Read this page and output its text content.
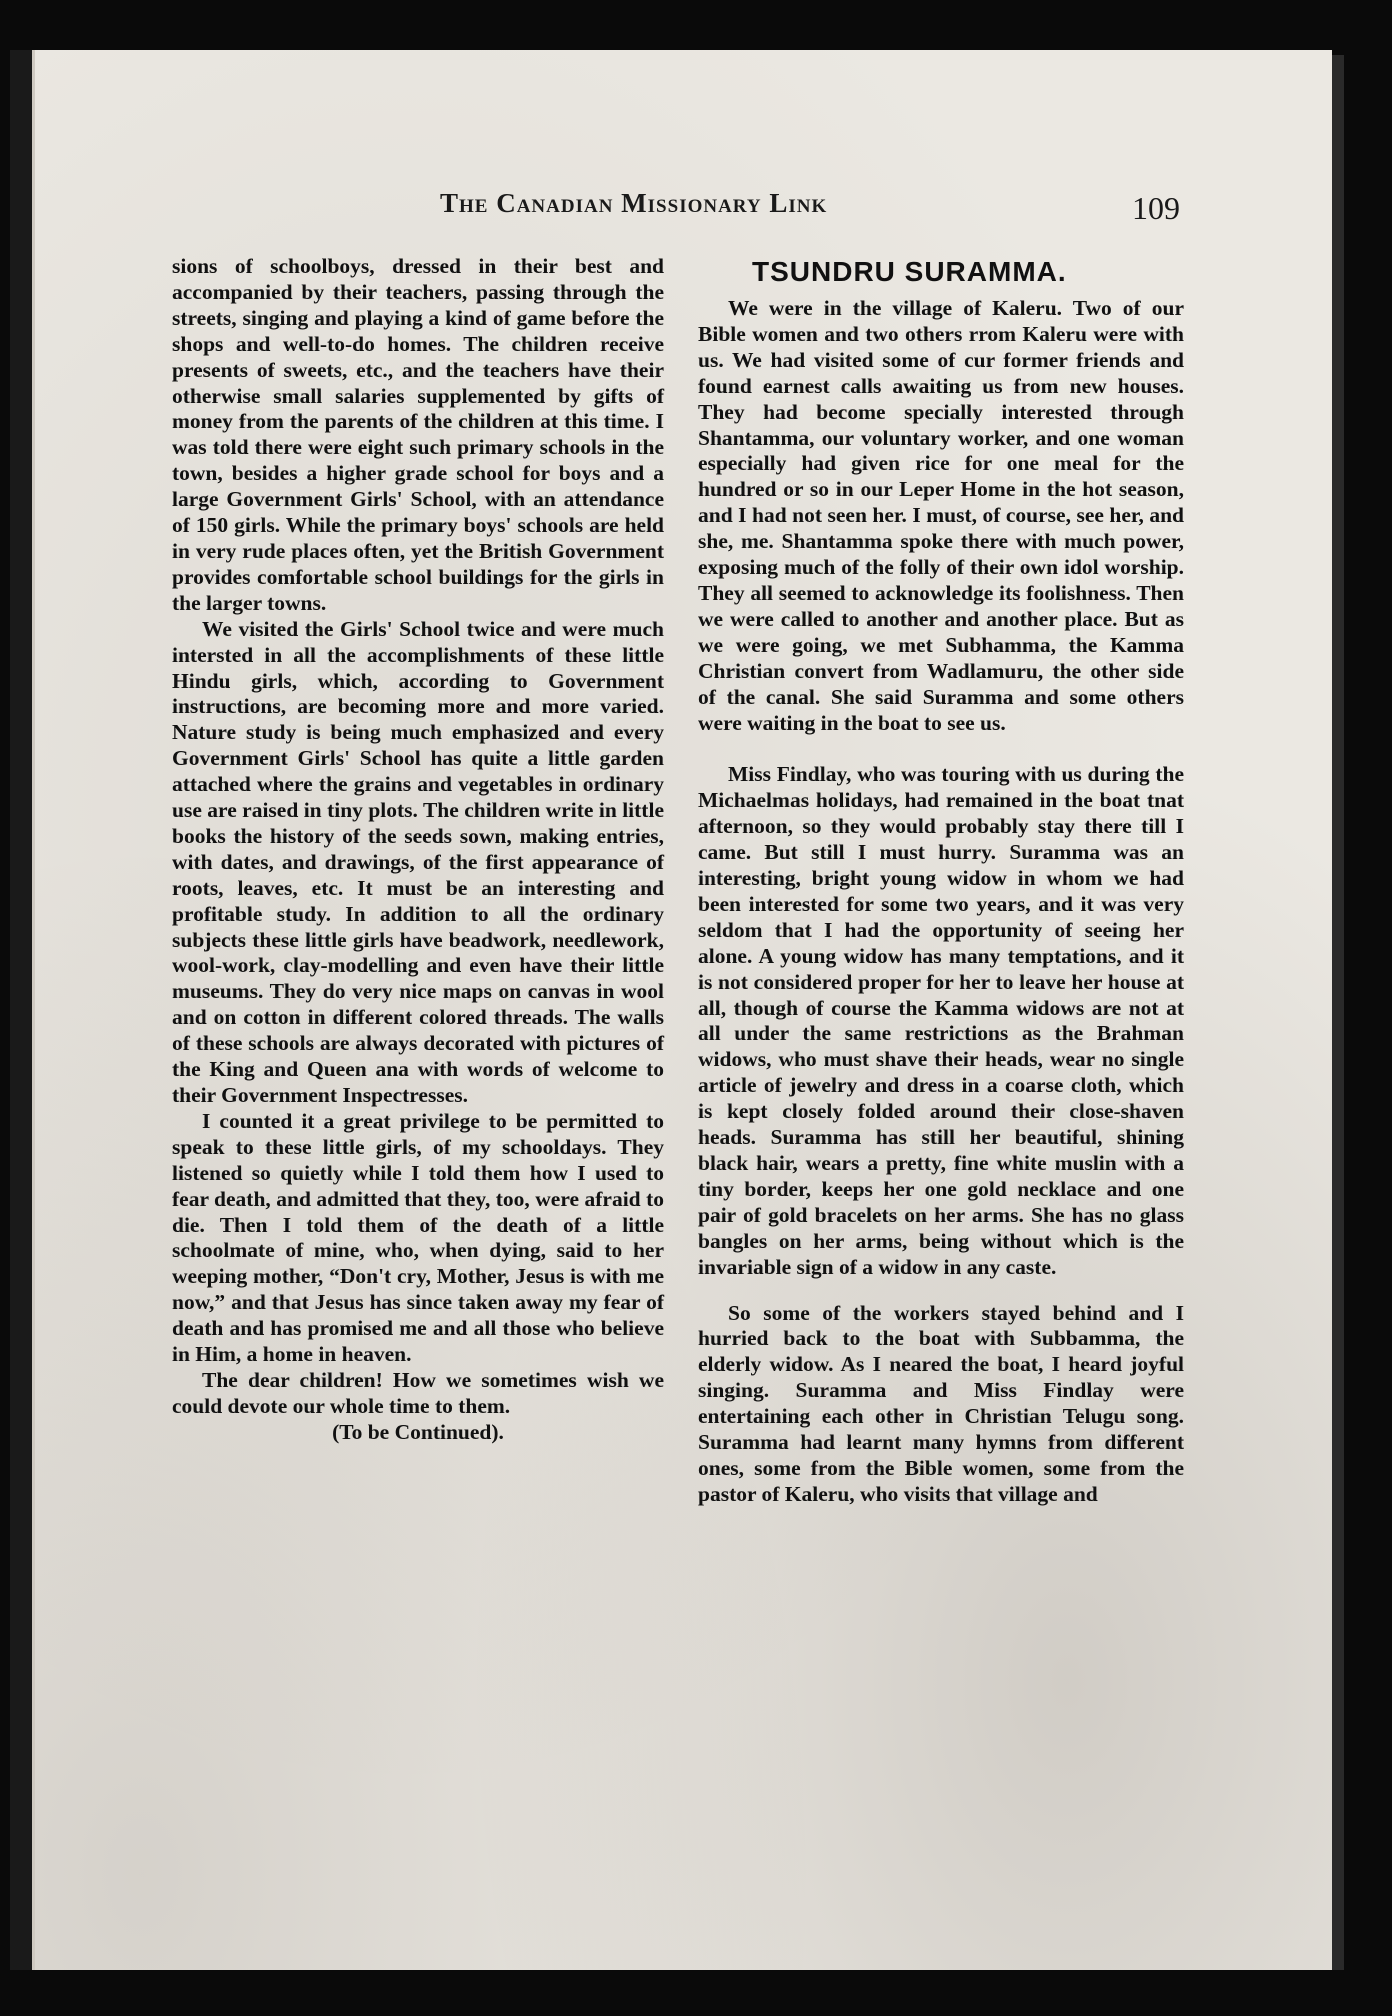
The Canadian Missionary Link	109

sions of schoolboys, dressed in their best and accompanied by their teachers, passing through the streets, singing and playing a kind of game before the shops and well-to-do homes. The children receive presents of sweets, etc., and the teachers have their otherwise small salaries supplemented by gifts of money from the parents of the children at this time. I was told there were eight such primary schools in the town, besides a higher grade school for boys and a large Government Girls' School, with an attendance of 150 girls. While the primary boys' schools are held in very rude places often, yet the British Government provides comfortable school buildings for the girls in the larger towns.

We visited the Girls' School twice and were much intersted in all the accomplishments of these little Hindu girls, which, according to Government instructions, are becoming more and more varied. Nature study is being much emphasized and every Government Girls' School has quite a little garden attached where the grains and vegetables in ordinary use are raised in tiny plots. The children write in little books the history of the seeds sown, making entries, with dates, and drawings, of the first appearance of roots, leaves, etc. It must be an interesting and profitable study. In addition to all the ordinary subjects these little girls have beadwork, needlework, wool-work, clay-modelling and even have their little museums. They do very nice maps on canvas in wool and on cotton in different colored threads. The walls of these schools are always decorated with pictures of the King and Queen ana with words of welcome to their Government Inspectresses.

I counted it a great privilege to be permitted to speak to these little girls, of my schooldays. They listened so quietly while I told them how I used to fear death, and admitted that they, too, were afraid to die. Then I told them of the death of a little schoolmate of mine, who, when dying, said to her weeping mother, “Don't cry, Mother, Jesus is with me now,” and that Jesus has since taken away my fear of death and has promised me and all those who believe in Him, a home in heaven.

The dear children! How we sometimes wish we could devote our whole time to them.

(To be Continued).

TSUNDRU SURAMMA.

We were in the village of Kaleru. Two of our Bible women and two others rrom Kaleru were with us. We had visited some of cur former friends and found earnest calls awaiting us from new houses. They had become specially interested through Shantamma, our voluntary worker, and one woman especially had given rice for one meal for the hundred or so in our Leper Home in the hot season, and I had not seen her. I must, of course, see her, and she, me. Shantamma spoke there with much power, exposing much of the folly of their own idol worship. They all seemed to acknowledge its foolishness. Then we were called to another and another place. But as we were going, we met Subhamma, the Kamma Christian convert from Wadlamuru, the other side of the canal. She said Suramma and some others were waiting in the boat to see us.

Miss Findlay, who was touring with us during the Michaelmas holidays, had remained in the boat tnat afternoon, so they would probably stay there till I came. But still I must hurry. Suramma was an interesting, bright young widow in whom we had been interested for some two years, and it was very seldom that I had the opportunity of seeing her alone. A young widow has many temptations, and it is not considered proper for her to leave her house at all, though of course the Kamma widows are not at all under the same restrictions as the Brahman widows, who must shave their heads, wear no single article of jewelry and dress in a coarse cloth, which is kept closely folded around their close-shaven heads. Suramma has still her beautiful, shining black hair, wears a pretty, fine white muslin with a tiny border, keeps her one gold necklace and one pair of gold bracelets on her arms. She has no glass bangles on her arms, being without which is the invariable sign of a widow in any caste.

So some of the workers stayed behind and I hurried back to the boat with Subbamma, the elderly widow. As I neared the boat, I heard joyful singing. Suramma and Miss Findlay were entertaining each other in Christian Telugu song. Suramma had learnt many hymns from different ones, some from the Bible women, some from the pastor of Kaleru, who visits that village and
